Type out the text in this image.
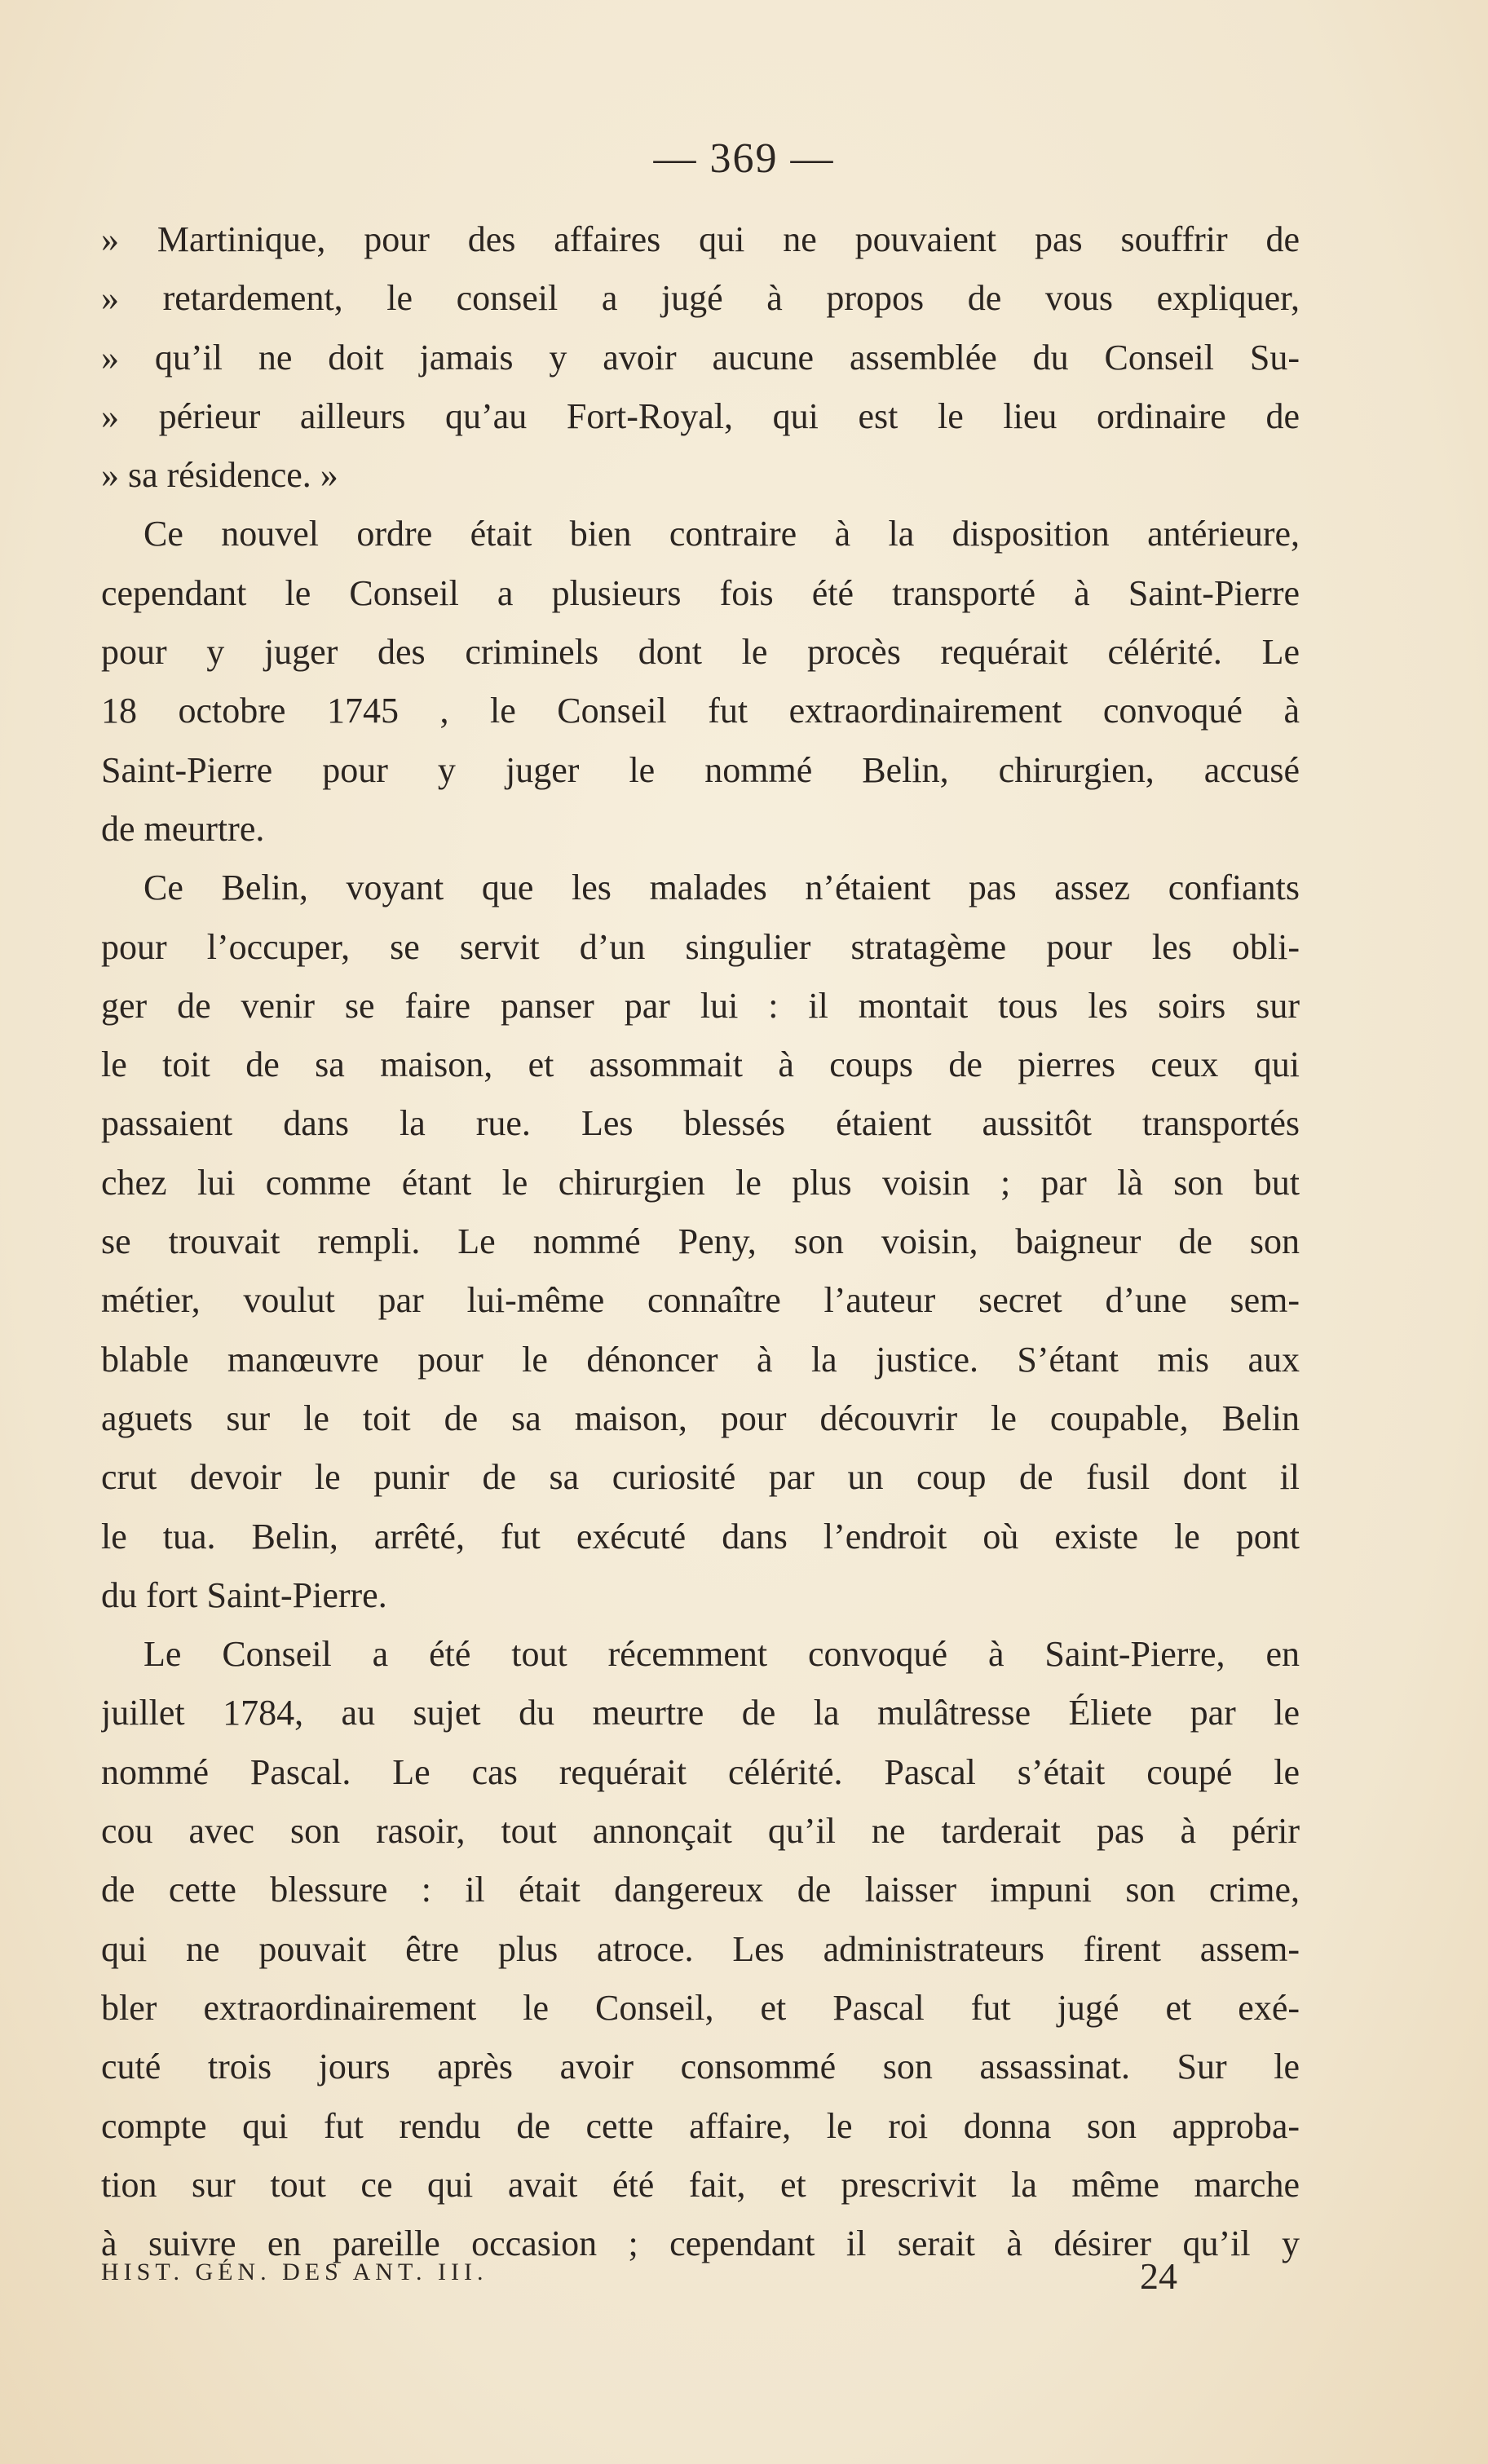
— 369 —
» Martinique, pour des affaires qui ne pouvaient pas souffrir de
» retardement, le conseil a jugé à propos de vous expliquer,
» qu’il ne doit jamais y avoir aucune assemblée du Conseil Su-
» périeur ailleurs qu’au Fort-Royal, qui est le lieu ordinaire de
» sa résidence. »
Ce nouvel ordre était bien contraire à la disposition antérieure,
cependant le Conseil a plusieurs fois été transporté à Saint-Pierre
pour y juger des criminels dont le procès requérait célérité. Le
18 octobre 1745 , le Conseil fut extraordinairement convoqué à
Saint-Pierre pour y juger le nommé Belin, chirurgien, accusé
de meurtre.
Ce Belin, voyant que les malades n’étaient pas assez confiants
pour l’occuper, se servit d’un singulier stratagème pour les obli-
ger de venir se faire panser par lui : il montait tous les soirs sur
le toit de sa maison, et assommait à coups de pierres ceux qui
passaient dans la rue. Les blessés étaient aussitôt transportés
chez lui comme étant le chirurgien le plus voisin ; par là son but
se trouvait rempli. Le nommé Peny, son voisin, baigneur de son
métier, voulut par lui-même connaître l’auteur secret d’une sem-
blable manœuvre pour le dénoncer à la justice. S’étant mis aux
aguets sur le toit de sa maison, pour découvrir le coupable, Belin
crut devoir le punir de sa curiosité par un coup de fusil dont il
le tua. Belin, arrêté, fut exécuté dans l’endroit où existe le pont
du fort Saint-Pierre.
Le Conseil a été tout récemment convoqué à Saint-Pierre, en
juillet 1784, au sujet du meurtre de la mulâtresse Éliete par le
nommé Pascal. Le cas requérait célérité. Pascal s’était coupé le
cou avec son rasoir, tout annonçait qu’il ne tarderait pas à périr
de cette blessure : il était dangereux de laisser impuni son crime,
qui ne pouvait être plus atroce. Les administrateurs firent assem-
bler extraordinairement le Conseil, et Pascal fut jugé et exé-
cuté trois jours après avoir consommé son assassinat. Sur le
compte qui fut rendu de cette affaire, le roi donna son approba-
tion sur tout ce qui avait été fait, et prescrivit la même marche
à suivre en pareille occasion ; cependant il serait à désirer qu’il y
HIST. GÉN. DES ANT. III.	24
